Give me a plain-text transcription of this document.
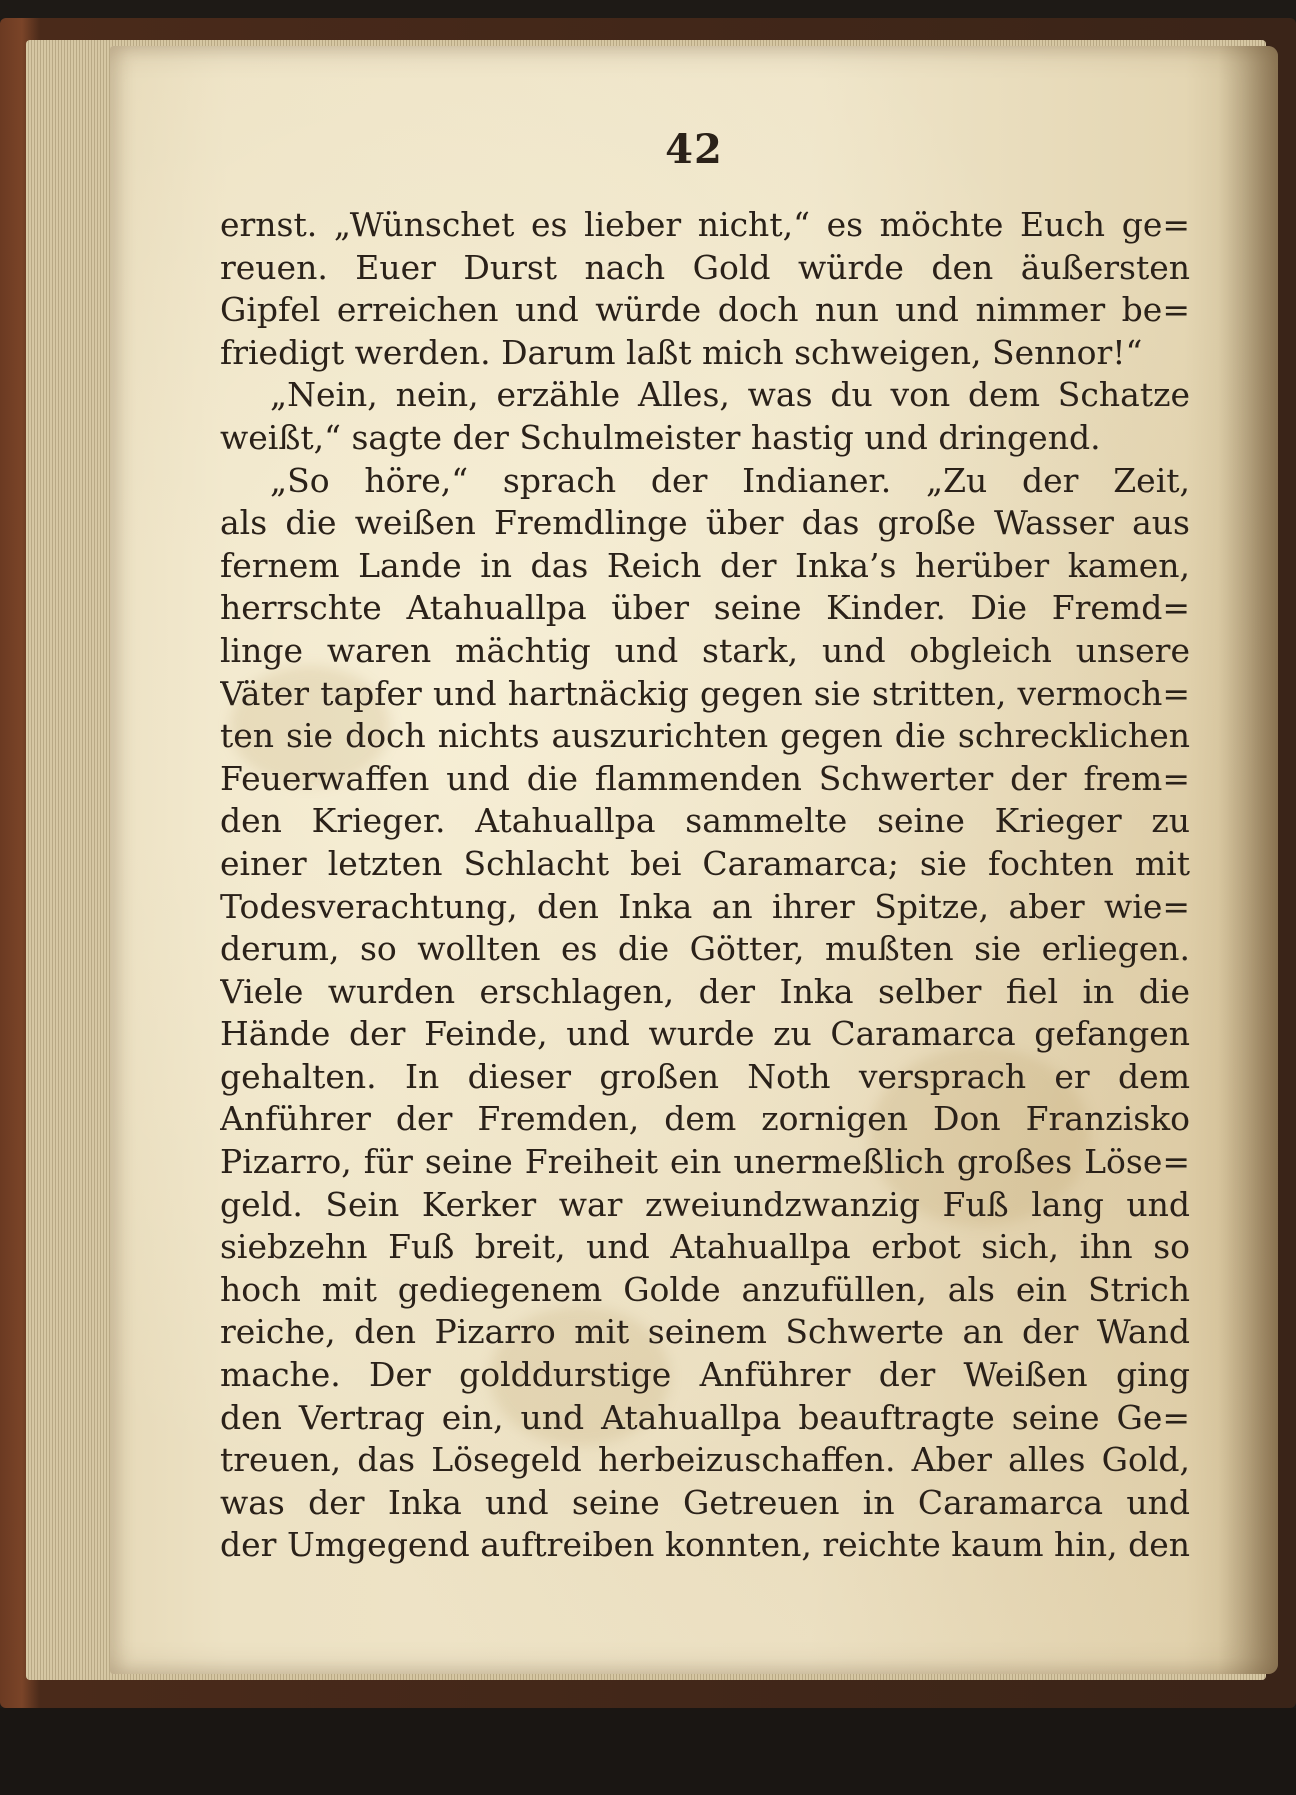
42
ernst. „Wünschet es lieber nicht,“ es möchte Euch ge=
reuen. Euer Durst nach Gold würde den äußersten
Gipfel erreichen und würde doch nun und nimmer be=
friedigt werden. Darum laßt mich schweigen, Sennor!“
„Nein, nein, erzähle Alles, was du von dem Schatze
weißt,“ sagte der Schulmeister hastig und dringend.
„So höre,“ sprach der Indianer. „Zu der Zeit,
als die weißen Fremdlinge über das große Wasser aus
fernem Lande in das Reich der Inka’s herüber kamen,
herrschte Atahuallpa über seine Kinder. Die Fremd=
linge waren mächtig und stark, und obgleich unsere
Väter tapfer und hartnäckig gegen sie stritten, vermoch=
ten sie doch nichts auszurichten gegen die schrecklichen
Feuerwaffen und die flammenden Schwerter der frem=
den Krieger. Atahuallpa sammelte seine Krieger zu
einer letzten Schlacht bei Caramarca; sie fochten mit
Todesverachtung, den Inka an ihrer Spitze, aber wie=
derum, so wollten es die Götter, mußten sie erliegen.
Viele wurden erschlagen, der Inka selber fiel in die
Hände der Feinde, und wurde zu Caramarca gefangen
gehalten. In dieser großen Noth versprach er dem
Anführer der Fremden, dem zornigen Don Franzisko
Pizarro, für seine Freiheit ein unermeßlich großes Löse=
geld. Sein Kerker war zweiundzwanzig Fuß lang und
siebzehn Fuß breit, und Atahuallpa erbot sich, ihn so
hoch mit gediegenem Golde anzufüllen, als ein Strich
reiche, den Pizarro mit seinem Schwerte an der Wand
mache. Der golddurstige Anführer der Weißen ging
den Vertrag ein, und Atahuallpa beauftragte seine Ge=
treuen, das Lösegeld herbeizuschaffen. Aber alles Gold,
was der Inka und seine Getreuen in Caramarca und
der Umgegend auftreiben konnten, reichte kaum hin, den
